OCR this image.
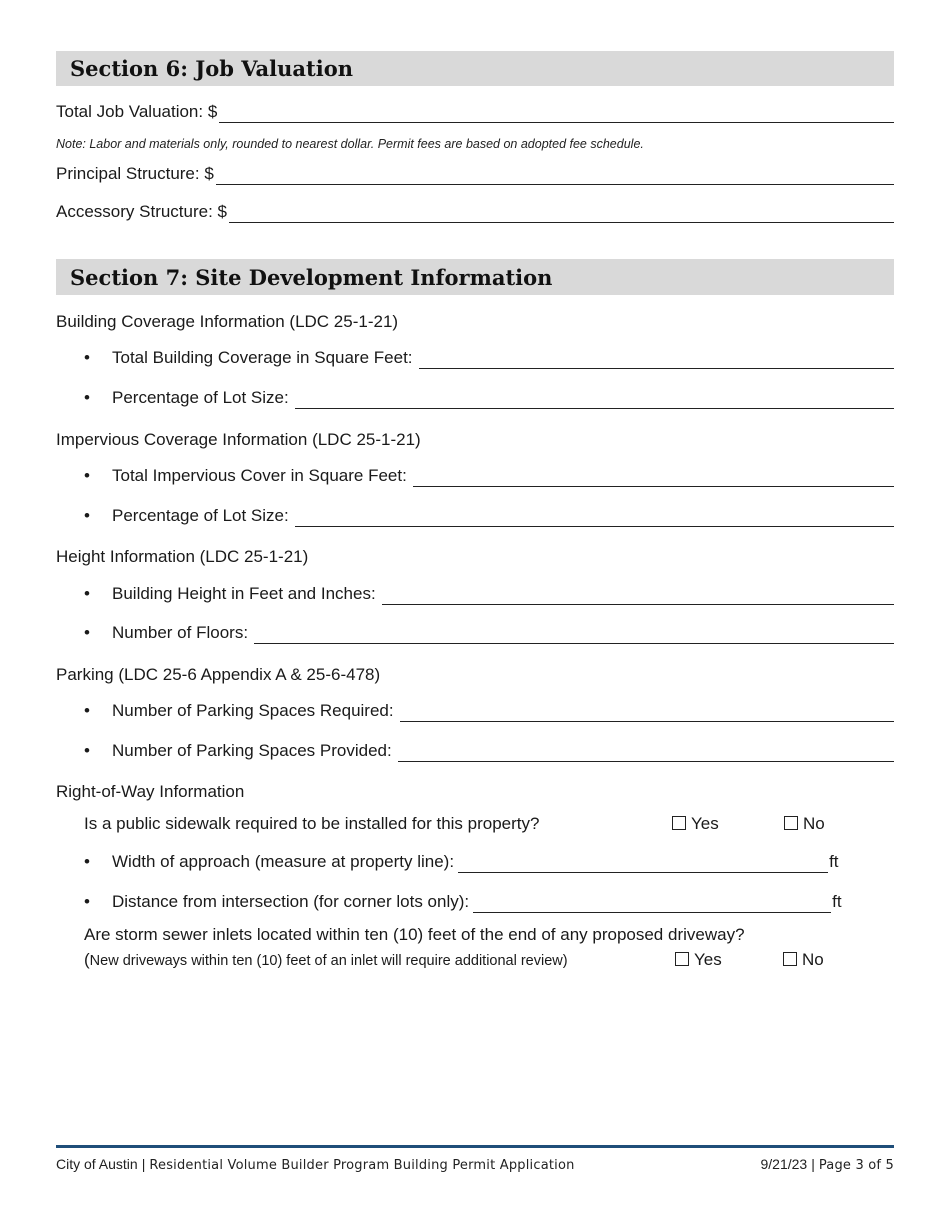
Section 6: Job Valuation
Total Job Valuation: $
Note: Labor and materials only, rounded to nearest dollar. Permit fees are based on adopted fee schedule.
Principal Structure: $
Accessory Structure: $
Section 7: Site Development Information
Building Coverage Information (LDC 25-1-21)
•	Total Building Coverage in Square Feet:
•	Percentage of Lot Size:
Impervious Coverage Information (LDC 25-1-21)
•	Total Impervious Cover in Square Feet:
•	Percentage of Lot Size:
Height Information (LDC 25-1-21)
•	Building Height in Feet and Inches:
•	Number of Floors:
Parking (LDC 25-6 Appendix A & 25-6-478)
•	Number of Parking Spaces Required:
•	Number of Parking Spaces Provided:
Right-of-Way Information
Is a public sidewalk required to be installed for this property?	Yes	No
•	Width of approach (measure at property line):	ft
•	Distance from intersection (for corner lots only):	ft
Are storm sewer inlets located within ten (10) feet of the end of any proposed driveway?
(New driveways within ten (10) feet of an inlet will require additional review)	Yes	No
City of Austin | Residential Volume Builder Program Building Permit Application	9/21/23 | Page 3 of 5
